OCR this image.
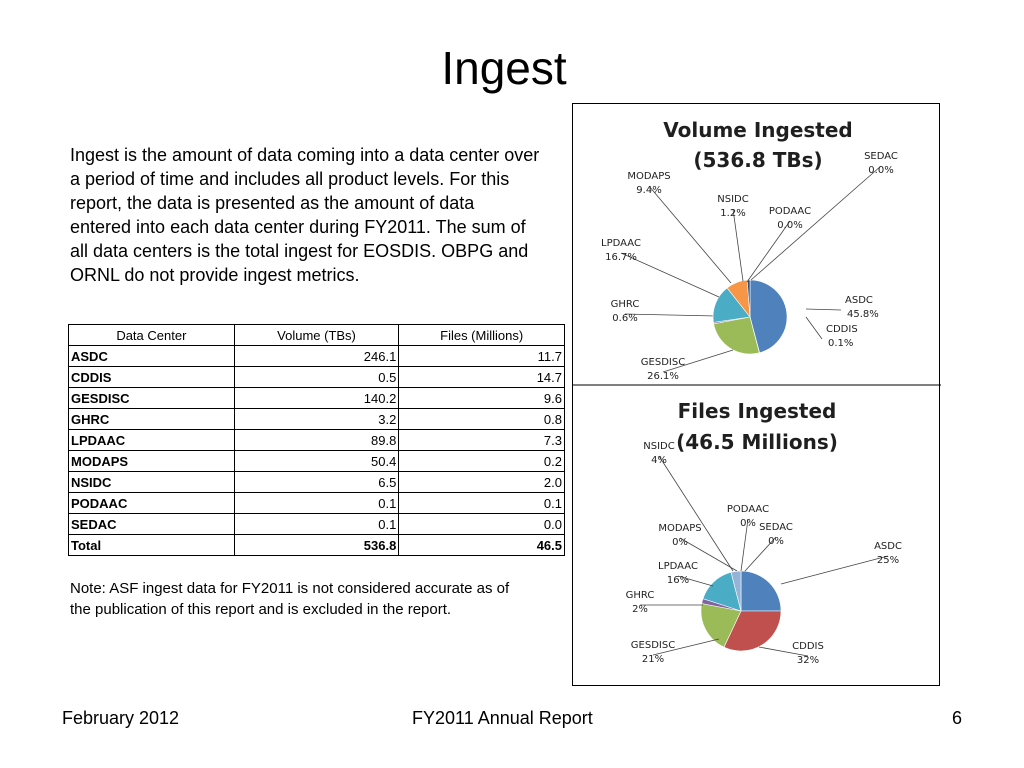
Ingest

Ingest is the amount of data coming into a data center over a period of time and includes all product levels. For this report, the data is presented as the amount of data entered into each data center during FY2011. The sum of all data centers is the total ingest for EOSDIS. OBPG and ORNL do not provide ingest metrics.

Data Center	Volume (TBs)	Files (Millions)
ASDC	246.1	11.7
CDDIS	0.5	14.7
GESDISC	140.2	9.6
GHRC	3.2	0.8
LPDAAC	89.8	7.3
MODAPS	50.4	0.2
NSIDC	6.5	2.0
PODAAC	0.1	0.1
SEDAC	0.1	0.0
Total	536.8	46.5

Note: ASF ingest data for FY2011 is not considered accurate as of the publication of this report and is excluded in the report.

Volume Ingested
(536.8 TBs)
ASDC
45.8%
CDDIS
0.1%
GESDISC
26.1%
GHRC
0.6%
LPDAAC
16.7%
MODAPS
9.4%
NSIDC
1.2% PODAAC
0.0%
SEDAC
0.0%
Files Ingested
(46.5 Millions)
ASDC
25%
CDDIS
32%
GESDISC
21%
GHRC
2%
LPDAAC
16%
MODAPS
0%
NSIDC
4%
PODAAC
0% SEDAC
0%
February 2012	FY2011 Annual Report	6
